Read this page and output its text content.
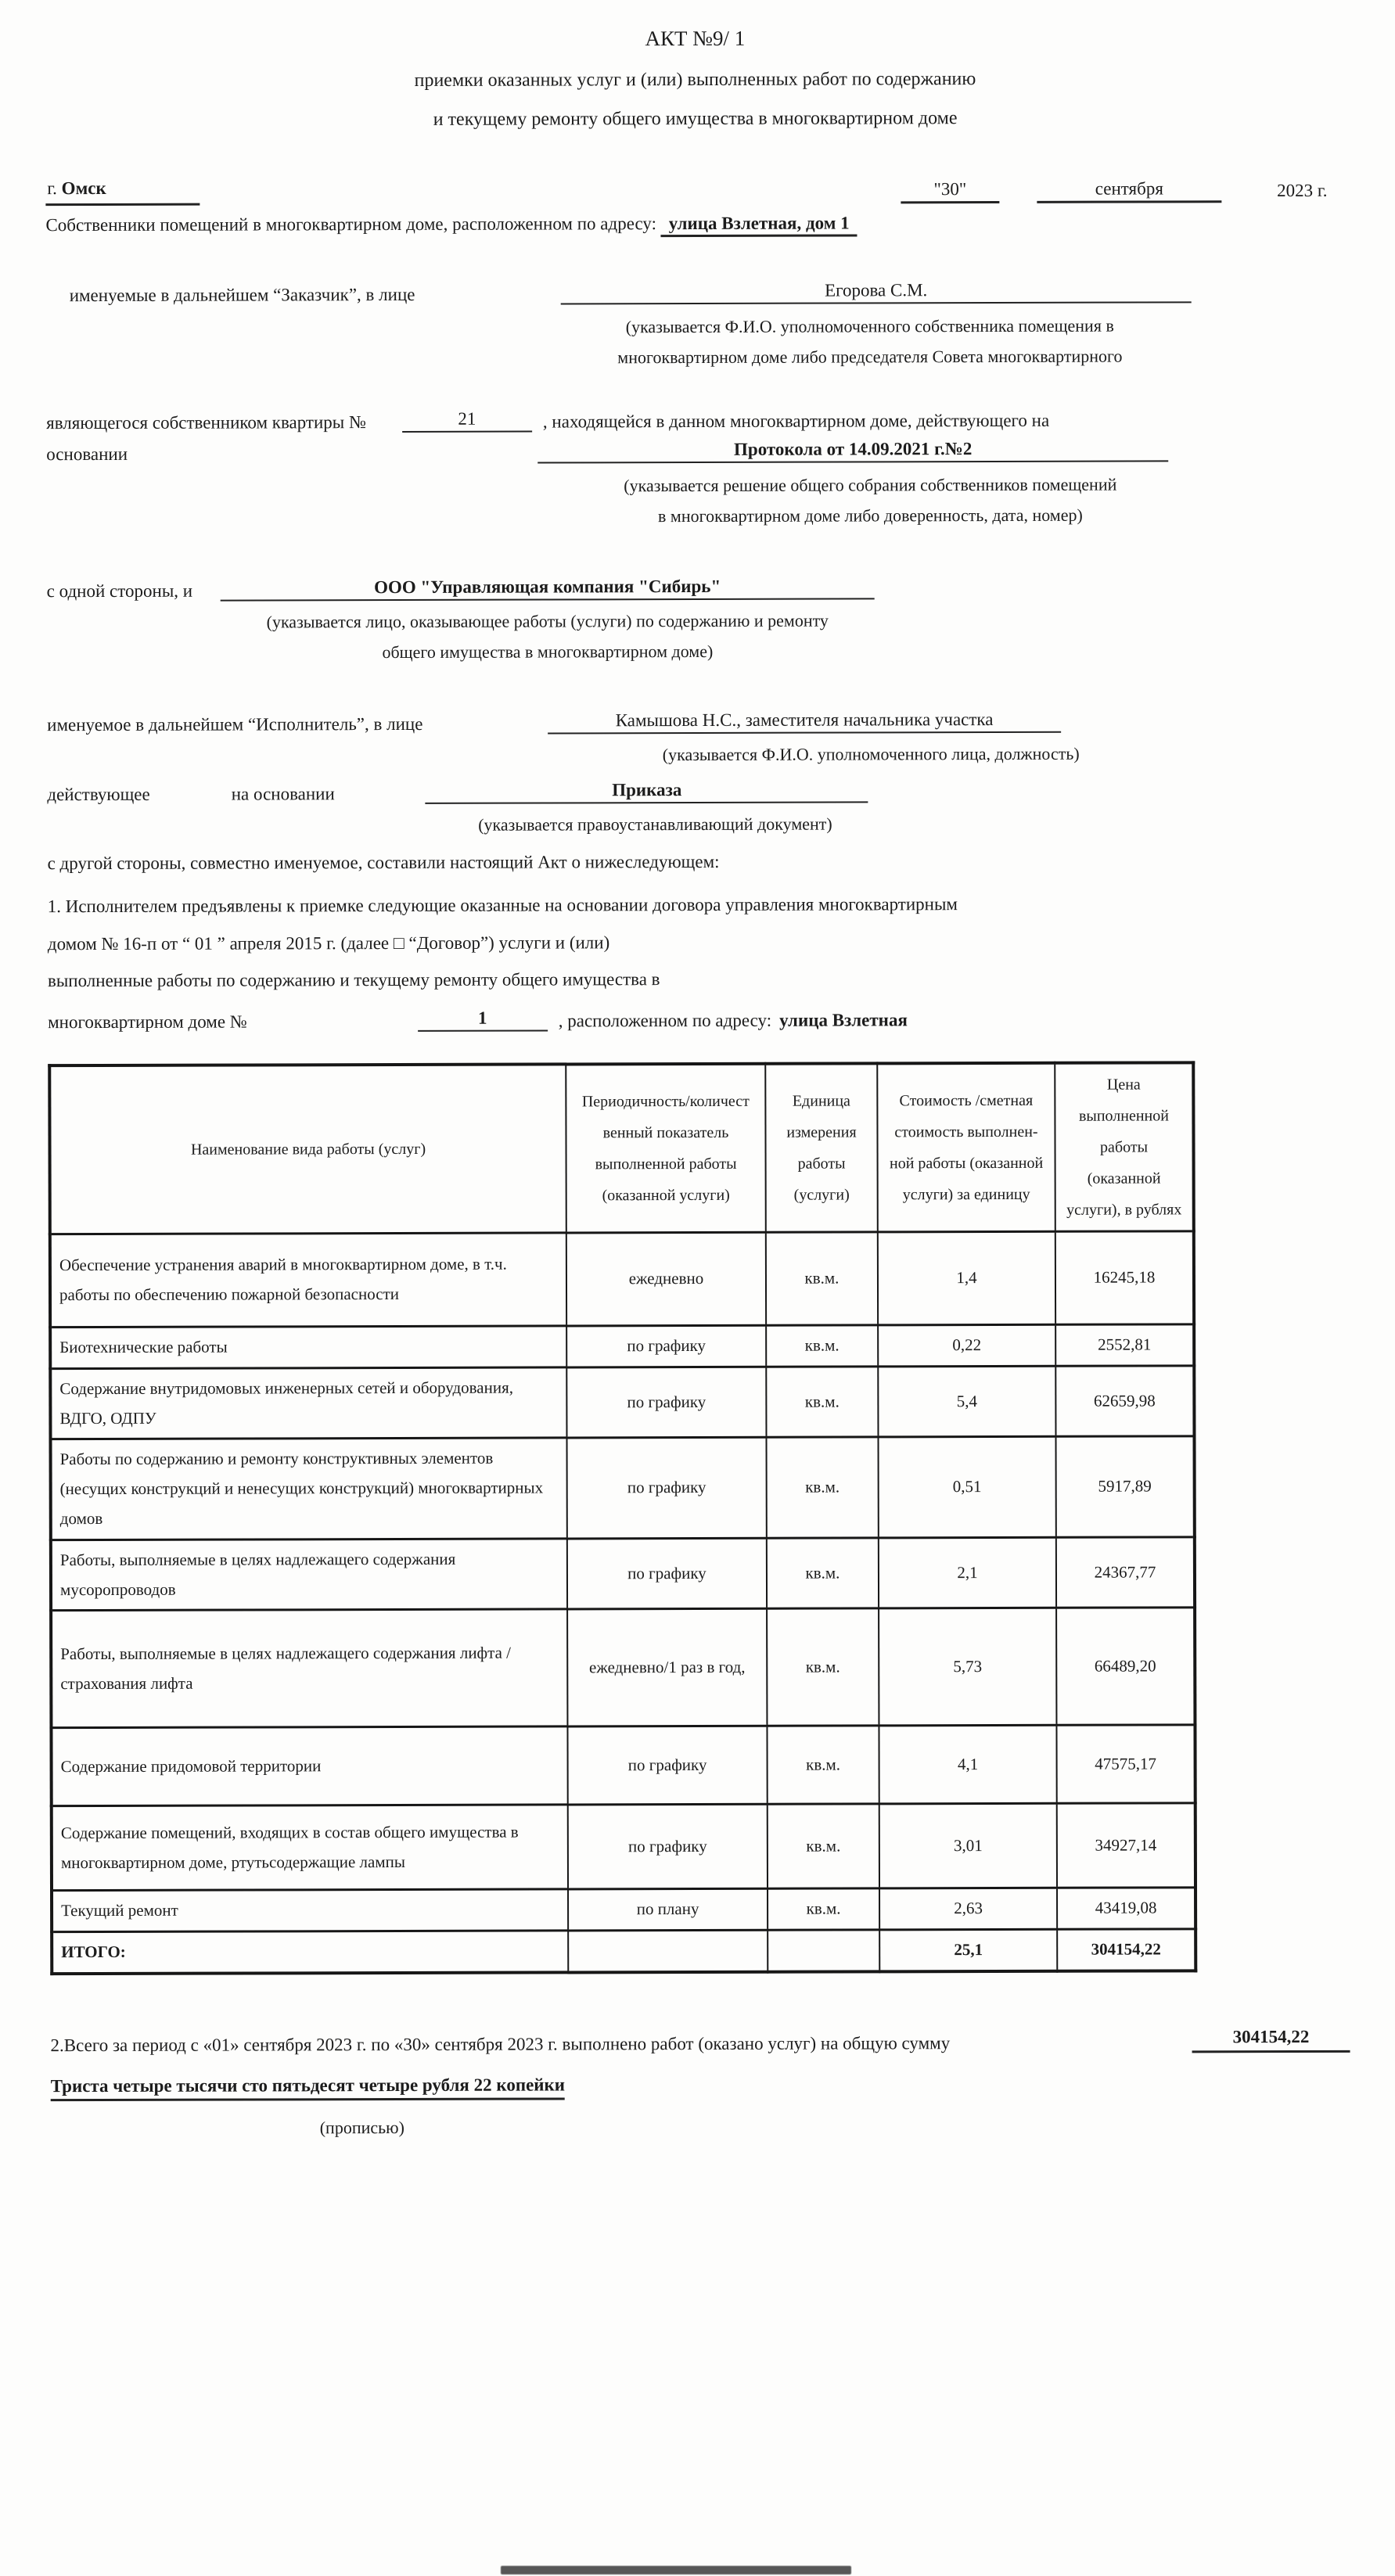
АКТ №9/ 1
приемки оказанных услуг и (или) выполненных работ по содержанию
и текущему ремонту общего имущества в многоквартирном доме
г. Омск	"30"	сентября	2023 г.
Собственники помещений в многоквартирном доме, расположенном по адресу: улица Взлетная, дом 1
именуемые в дальнейшем “Заказчик”, в лице	Егорова С.М.
(указывается Ф.И.О. уполномоченного собственника помещения в
многоквартирном доме либо председателя Совета многоквартирного
являющегося собственником квартиры №	21	, находящейся в данном многоквартирном доме, действующего на
основании	Протокола от 14.09.2021 г.№2
(указывается решение общего собрания собственников помещений
в многоквартирном доме либо доверенность, дата, номер)
с одной стороны, и	ООО "Управляющая компания "Сибирь"
(указывается лицо, оказывающее работы (услуги) по содержанию и ремонту
общего имущества в многоквартирном доме)
именуемое в дальнейшем “Исполнитель”, в лице	Камышова Н.С., заместителя начальника участка
(указывается Ф.И.О. уполномоченного лица, должность)
действующее	на основании	Приказа
(указывается правоустанавливающий документ)
с другой стороны, совместно именуемое, составили настоящий Акт о нижеследующем:
1. Исполнителем предъявлены к приемке следующие оказанные на основании договора управления многоквартирным
домом № 16-п от “ 01 ” апреля 2015 г. (далее □ “Договор”) услуги и (или)
выполненные работы по содержанию и текущему ремонту общего имущества в
многоквартирном доме №	1	, расположенном по адресу: улица Взлетная
Наименование вида работы (услуг)	Периодичность/количест венный показатель выполненной работы (оказанной услуги)	Единица измерения работы (услуги)	Стоимость /сметная стоимость выполнен-ной работы (оказанной услуги) за единицу	Цена выполненной работы (оказанной услуги), в рублях
Обеспечение устранения аварий в многоквартирном доме, в т.ч. работы по обеспечению пожарной безопасности	ежедневно	кв.м.	1,4	16245,18
Биотехнические работы	по графику	кв.м.	0,22	2552,81
Содержание внутридомовых инженерных сетей и оборудования, ВДГО, ОДПУ	по графику	кв.м.	5,4	62659,98
Работы по содержанию и ремонту конструктивных элементов (несущих конструкций и ненесущих конструкций) многоквартирных домов	по графику	кв.м.	0,51	5917,89
Работы, выполняемые в целях надлежащего содержания мусоропроводов	по графику	кв.м.	2,1	24367,77
Работы, выполняемые в целях надлежащего содержания лифта / страхования лифта	ежедневно/1 раз в год,	кв.м.	5,73	66489,20
Содержание придомовой территории	по графику	кв.м.	4,1	47575,17
Содержание помещений, входящих в состав общего имущества в многоквартирном доме, ртутьсодержащие лампы	по графику	кв.м.	3,01	34927,14
Текущий ремонт	по плану	кв.м.	2,63	43419,08
ИТОГО:			25,1	304154,22
2.Всего за период с «01» сентября 2023 г. по «30» сентября 2023 г. выполнено работ (оказано услуг) на общую сумму	304154,22
Триста четыре тысячи сто пятьдесят четыре рубля 22 копейки
(прописью)
